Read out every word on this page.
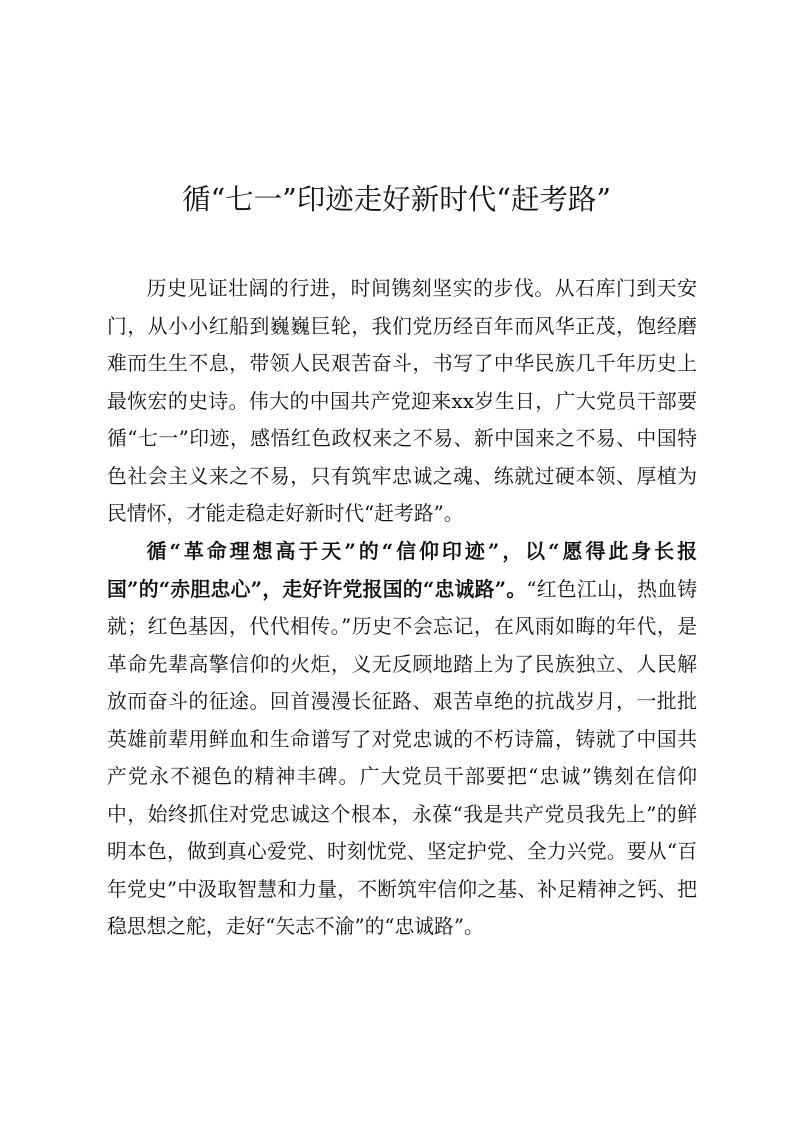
循“七一”印迹走好新时代“赶考路”

历史见证壮阔的行进，时间镌刻坚实的步伐。从石库门到天安门，从小小红船到巍巍巨轮，我们党历经百年而风华正茂，饱经磨难而生生不息，带领人民艰苦奋斗，书写了中华民族几千年历史上最恢宏的史诗。伟大的中国共产党迎来xx岁生日，广大党员干部要循“七一”印迹，感悟红色政权来之不易、新中国来之不易、中国特色社会主义来之不易，只有筑牢忠诚之魂、练就过硬本领、厚植为民情怀，才能走稳走好新时代“赶考路”。

循“革命理想高于天”的“信仰印迹”，以“愿得此身长报国”的“赤胆忠心”，走好许党报国的“忠诚路”。“红色江山，热血铸就；红色基因，代代相传。”历史不会忘记，在风雨如晦的年代，是革命先辈高擎信仰的火炬，义无反顾地踏上为了民族独立、人民解放而奋斗的征途。回首漫漫长征路、艰苦卓绝的抗战岁月，一批批英雄前辈用鲜血和生命谱写了对党忠诚的不朽诗篇，铸就了中国共产党永不褪色的精神丰碑。广大党员干部要把“忠诚”镌刻在信仰中，始终抓住对党忠诚这个根本，永葆“我是共产党员我先上”的鲜明本色，做到真心爱党、时刻忧党、坚定护党、全力兴党。要从“百年党史”中汲取智慧和力量，不断筑牢信仰之基、补足精神之钙、把稳思想之舵，走好“矢志不渝”的“忠诚路”。
